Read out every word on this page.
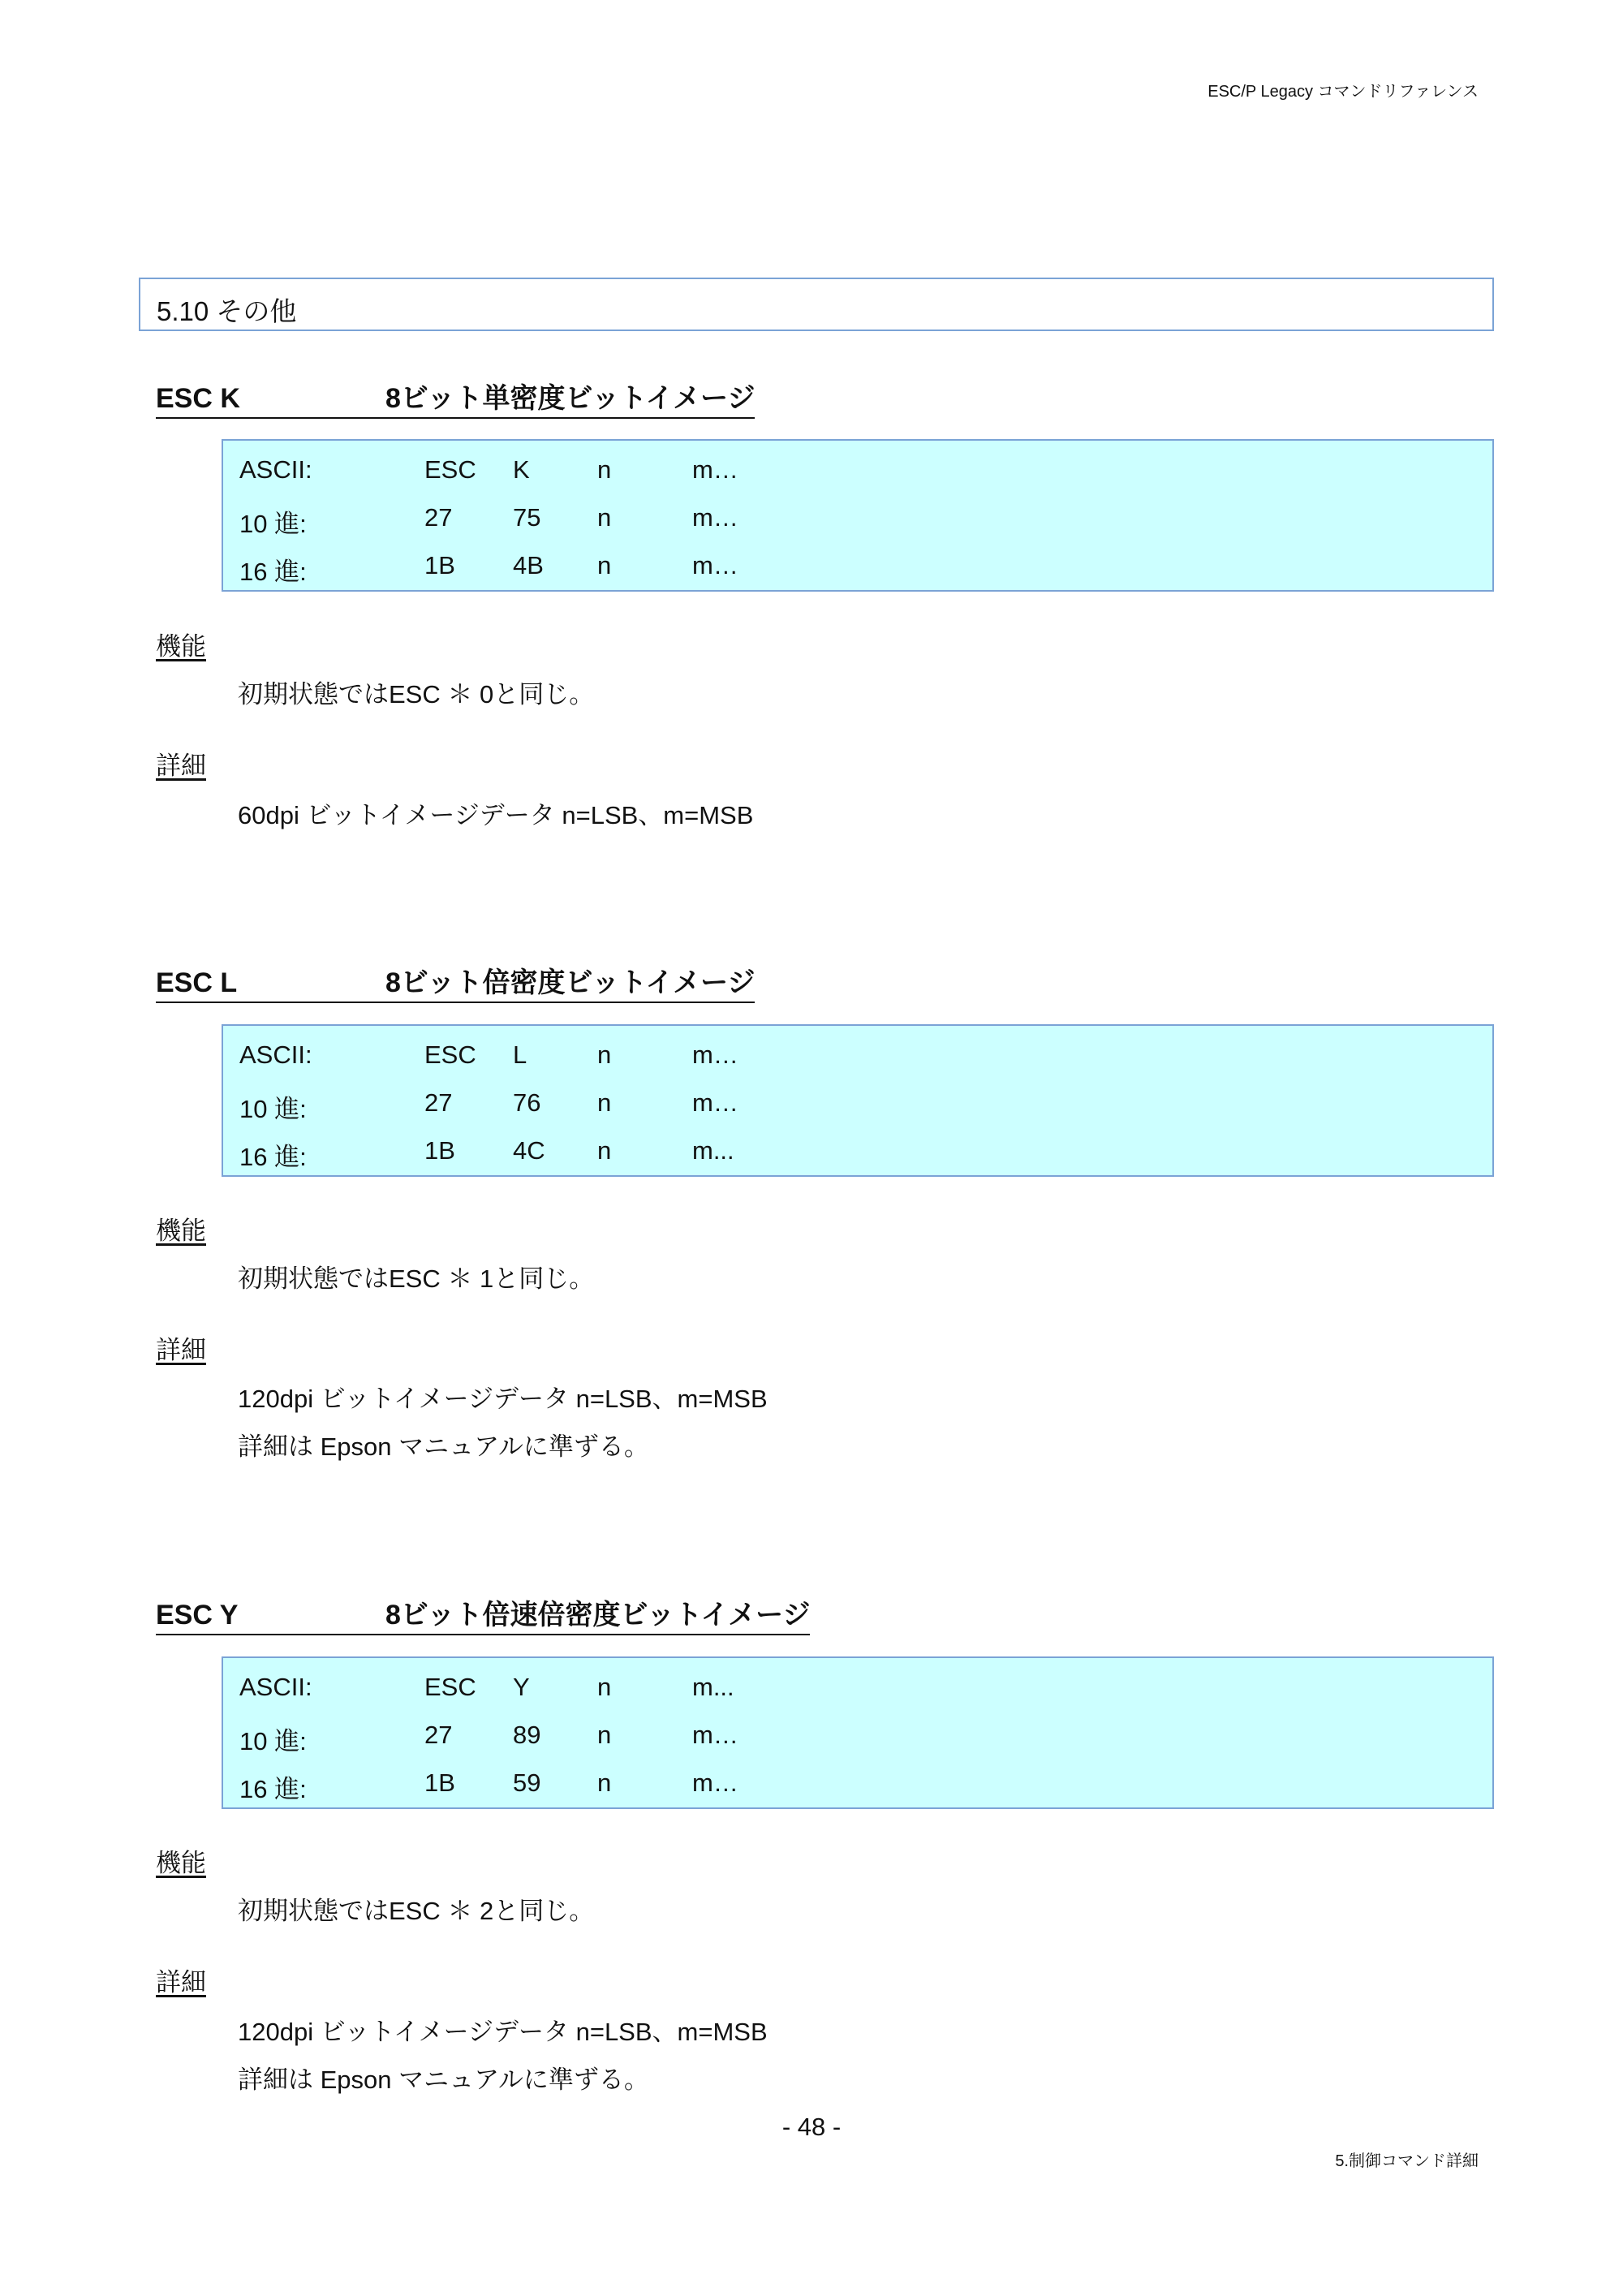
ESC/P Legacy コマンドリファレンス
5.10 その他
ESC K	8ビット単密度ビットイメージ
ASCII:	ESC K	n	m…
10 進:	27 75 n	m…
16 進:	1B 4B n	m…
機能
初期状態ではESC ＊ 0と同じ。
詳細
60dpi ビットイメージデータ n=LSB、m=MSB
ESC L	8ビット倍密度ビットイメージ
ASCII:	ESC L	n	m…
10 進:	27 76 n	m…
16 進:	1B 4C n	m...
機能
初期状態ではESC ＊ 1と同じ。
詳細
120dpi ビットイメージデータ n=LSB、m=MSB
詳細は Epson マニュアルに準ずる。
ESC Y	8ビット倍速倍密度ビットイメージ
ASCII:	ESC Y	n	m...
10 進:	27 89 n	m…
16 進:	1B 59 n	m…
機能
初期状態ではESC ＊ 2と同じ。
詳細
120dpi ビットイメージデータ n=LSB、m=MSB
詳細は Epson マニュアルに準ずる。
- 48 -
5.制御コマンド詳細
